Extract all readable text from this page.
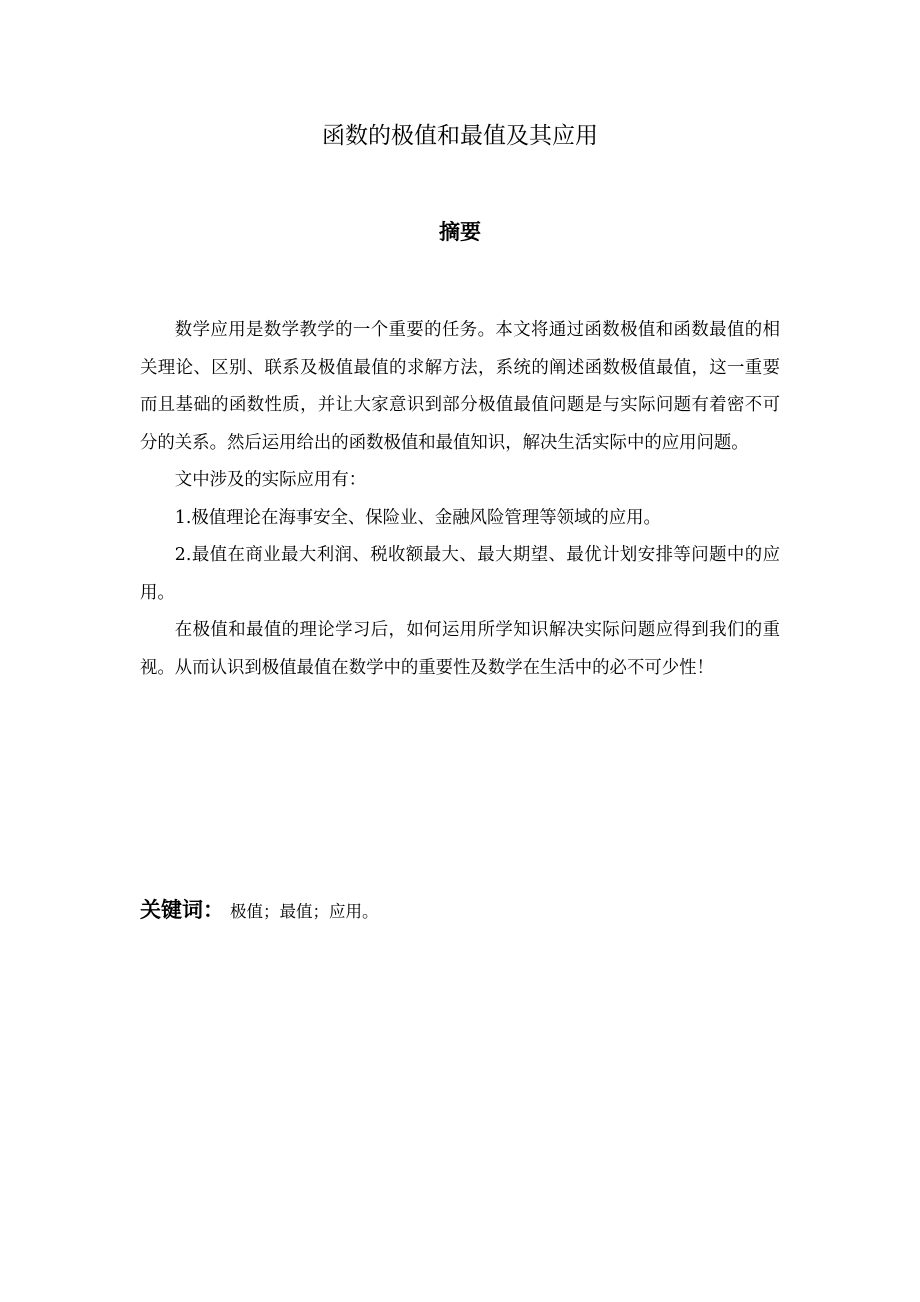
函数的极值和最值及其应用
摘要

数学应用是数学教学的一个重要的任务。本文将通过函数极值和函数最值的相关理论、区别、联系及极值最值的求解方法，系统的阐述函数极值最值，这一重要而且基础的函数性质，并让大家意识到部分极值最值问题是与实际问题有着密不可分的关系。然后运用给出的函数极值和最值知识，解决生活实际中的应用问题。

文中涉及的实际应用有：

1.极值理论在海事安全、保险业、金融风险管理等领域的应用。

2.最值在商业最大利润、税收额最大、最大期望、最优计划安排等问题中的应用。

在极值和最值的理论学习后，如何运用所学知识解决实际问题应得到我们的重视。从而认识到极值最值在数学中的重要性及数学在生活中的必不可少性！

关键词： 极值；最值；应用。
